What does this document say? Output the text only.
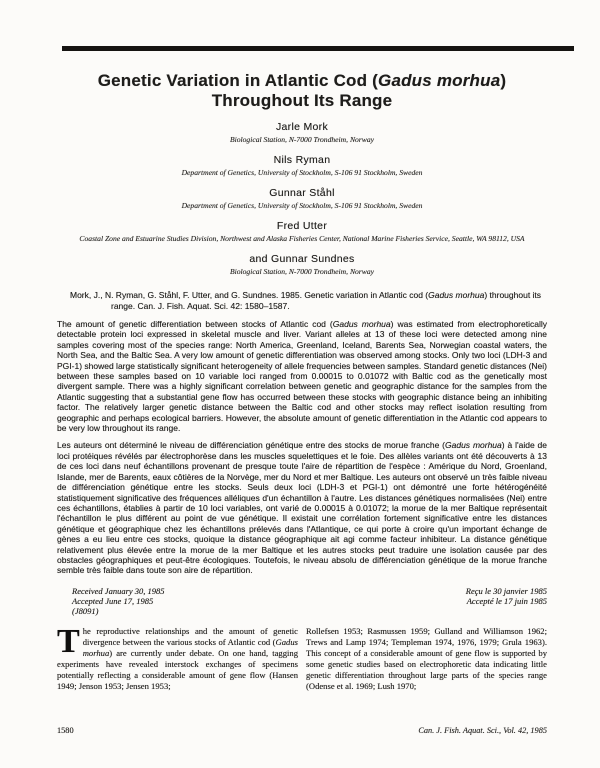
Genetic Variation in Atlantic Cod (Gadus morhua)
Throughout Its Range
Jarle Mork
Biological Station, N-7000 Trondheim, Norway
Nils Ryman
Department of Genetics, University of Stockholm, S-106 91 Stockholm, Sweden
Gunnar Ståhl
Department of Genetics, University of Stockholm, S-106 91 Stockholm, Sweden
Fred Utter
Coastal Zone and Estuarine Studies Division, Northwest and Alaska Fisheries Center, National Marine Fisheries Service, Seattle, WA 98112, USA
and Gunnar Sundnes
Biological Station, N-7000 Trondheim, Norway

Mork, J., N. Ryman, G. Ståhl, F. Utter, and G. Sundnes. 1985. Genetic variation in Atlantic cod (Gadus morhua) throughout its range. Can. J. Fish. Aquat. Sci. 42: 1580–1587.

The amount of genetic differentiation between stocks of Atlantic cod (Gadus morhua) was estimated from electrophoretically detectable protein loci expressed in skeletal muscle and liver. Variant alleles at 13 of these loci were detected among nine samples covering most of the species range: North America, Greenland, Iceland, Barents Sea, Norwegian coastal waters, the North Sea, and the Baltic Sea. A very low amount of genetic differentiation was observed among stocks. Only two loci (LDH-3 and PGI-1) showed large statistically significant heterogeneity of allele frequencies between samples. Standard genetic distances (Nei) between these samples based on 10 variable loci ranged from 0.00015 to 0.01072 with Baltic cod as the genetically most divergent sample. There was a highly significant correlation between genetic and geographic distance for the samples from the Atlantic suggesting that a substantial gene flow has occurred between these stocks with geographic distance being an inhibiting factor. The relatively larger genetic distance between the Baltic cod and other stocks may reflect isolation resulting from geographic and perhaps ecological barriers. However, the absolute amount of genetic differentiation in the Atlantic cod appears to be very low throughout its range.

Les auteurs ont déterminé le niveau de différenciation génétique entre des stocks de morue franche (Gadus morhua) à l'aide de loci protéiques révélés par électrophorèse dans les muscles squelettiques et le foie. Des allèles variants ont été découverts à 13 de ces loci dans neuf échantillons provenant de presque toute l'aire de répartition de l'espèce : Amérique du Nord, Groenland, Islande, mer de Barents, eaux côtières de la Norvège, mer du Nord et mer Baltique. Les auteurs ont observé un très faible niveau de différenciation génétique entre les stocks. Seuls deux loci (LDH-3 et PGI-1) ont démontré une forte hétérogénéité statistiquement significative des fréquences alléliques d'un échantillon à l'autre. Les distances génétiques normalisées (Nei) entre ces échantillons, établies à partir de 10 loci variables, ont varié de 0.00015 à 0.01072; la morue de la mer Baltique représentait l'échantillon le plus différent au point de vue génétique. Il existait une corrélation fortement significative entre les distances génétique et géographique chez les échantillons prélevés dans l'Atlantique, ce qui porte à croire qu'un important échange de gènes a eu lieu entre ces stocks, quoique la distance géographique ait agi comme facteur inhibiteur. La distance génétique relativement plus élevée entre la morue de la mer Baltique et les autres stocks peut traduire une isolation causée par des obstacles géographiques et peut-être écologiques. Toutefois, le niveau absolu de différenciation génétique de la morue franche semble très faible dans toute son aire de répartition.

Received January 30, 1985
Accepted June 17, 1985
(J8091)
Reçu le 30 janvier 1985
Accepté le 17 juin 1985
The reproductive relationships and the amount of genetic divergence between the various stocks of Atlantic cod (Gadus morhua) are currently under debate. On one hand, tagging experiments have revealed interstock exchanges of specimens potentially reflecting a considerable amount of gene flow (Hansen 1949; Jenson 1953; Jensen 1953;
Rollefsen 1953; Rasmussen 1959; Gulland and Williamson 1962; Trews and Lamp 1974; Templeman 1974, 1976, 1979; Grula 1963). This concept of a considerable amount of gene flow is supported by some genetic studies based on electrophoretic data indicating little genetic differentiation throughout large parts of the species range (Odense et al. 1969; Lush 1970;
1580	Can. J. Fish. Aquat. Sci., Vol. 42, 1985
